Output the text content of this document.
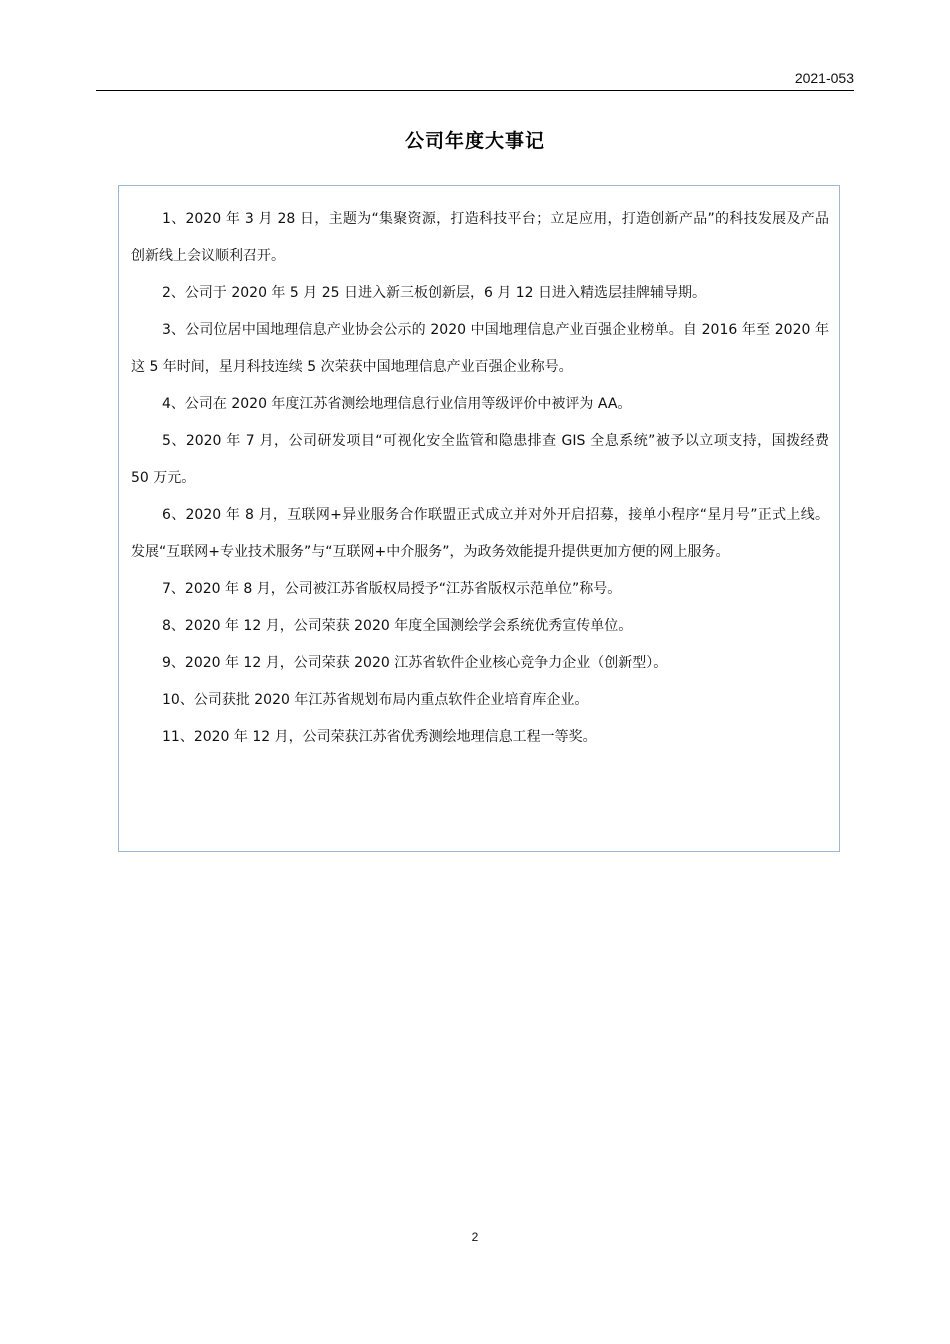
2021-053
公司年度大事记

1、2020 年 3 月 28 日，主题为“集聚资源，打造科技平台；立足应用，打造创新产品”的科技发展及产品创新线上会议顺利召开。

2、公司于 2020 年 5 月 25 日进入新三板创新层，6 月 12 日进入精选层挂牌辅导期。

3、公司位居中国地理信息产业协会公示的 2020 中国地理信息产业百强企业榜单。自 2016 年至 2020 年这 5 年时间，星月科技连续 5 次荣获中国地理信息产业百强企业称号。

4、公司在 2020 年度江苏省测绘地理信息行业信用等级评价中被评为 AA。

5、2020 年 7 月，公司研发项目“可视化安全监管和隐患排查 GIS 全息系统”被予以立项支持，国拨经费 50 万元。

6、2020 年 8 月，互联网+异业服务合作联盟正式成立并对外开启招募，接单小程序“星月号”正式上线。发展“互联网+专业技术服务”与“互联网+中介服务”，为政务效能提升提供更加方便的网上服务。

7、2020 年 8 月，公司被江苏省版权局授予“江苏省版权示范单位”称号。

8、2020 年 12 月，公司荣获 2020 年度全国测绘学会系统优秀宣传单位。

9、2020 年 12 月，公司荣获 2020 江苏省软件企业核心竞争力企业（创新型）。

10、公司获批 2020 年江苏省规划布局内重点软件企业培育库企业。

11、2020 年 12 月，公司荣获江苏省优秀测绘地理信息工程一等奖。

2
